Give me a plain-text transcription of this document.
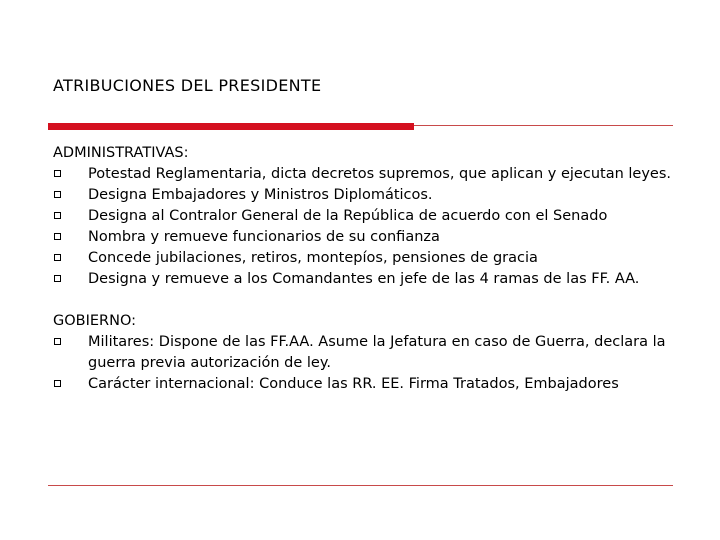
ATRIBUCIONES DEL PRESIDENTE

ADMINISTRATIVAS:

Potestad Reglamentaria, dicta decretos supremos, que aplican y ejecutan leyes.
Designa Embajadores y Ministros Diplomáticos.
Designa al Contralor General de la República de acuerdo con el Senado
Nombra y remueve funcionarios de su confianza
Concede jubilaciones, retiros, montepíos, pensiones de gracia
Designa y remueve a los Comandantes en jefe de las 4 ramas de las FF. AA.

GOBIERNO:

Militares: Dispone de las FF.AA. Asume la Jefatura en caso de Guerra, declara la guerra previa autorización de ley.
Carácter internacional: Conduce las RR. EE. Firma Tratados, Embajadores
